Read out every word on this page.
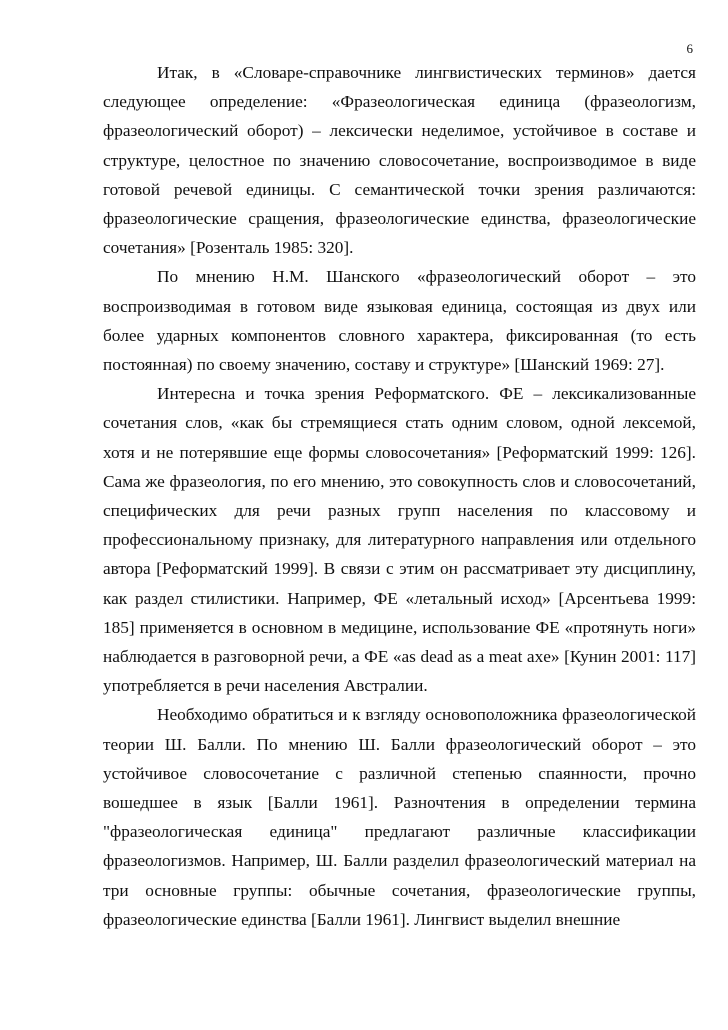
6

Итак, в «Словаре-справочнике лингвистических терминов» дается следующее определение: «Фразеологическая единица (фразеологизм, фразеологический оборот) – лексически неделимое, устойчивое в составе и структуре, целостное по значению словосочетание, воспроизводимое в виде готовой речевой единицы. С семантической точки зрения различаются: фразеологические сращения, фразеологические единства, фразеологические сочетания» [Розенталь 1985: 320].

По мнению Н.М. Шанского «фразеологический оборот – это воспроизводимая в готовом виде языковая единица, состоящая из двух или более ударных компонентов словного характера, фиксированная (то есть постоянная) по своему значению, составу и структуре» [Шанский 1969: 27].

Интересна и точка зрения Реформатского. ФЕ – лексикализованные сочетания слов, «как бы стремящиеся стать одним словом, одной лексемой, хотя и не потерявшие еще формы словосочетания» [Реформатский 1999: 126]. Сама же фразеология, по его мнению, это совокупность слов и словосочетаний, специфических для речи разных групп населения по классовому и профессиональному признаку, для литературного направления или отдельного автора [Реформатский 1999]. В связи с этим он рассматривает эту дисциплину, как раздел стилистики. Например, ФЕ «летальный исход» [Арсентьева 1999: 185] применяется в основном в медицине, использование ФЕ «протянуть ноги» наблюдается в разговорной речи, а ФЕ «as dead as a meat axe» [Кунин 2001: 117] употребляется в речи населения Австралии.

Необходимо обратиться и к взгляду основоположника фразеологической теории Ш. Балли. По мнению Ш. Балли фразеологический оборот – это устойчивое словосочетание с различной степенью спаянности, прочно вошедшее в язык [Балли 1961]. Разночтения в определении термина "фразеологическая единица" предлагают различные классификации фразеологизмов. Например, Ш. Балли разделил фразеологический материал на три основные группы: обычные сочетания, фразеологические группы, фразеологические единства [Балли 1961]. Лингвист выделил внешние
